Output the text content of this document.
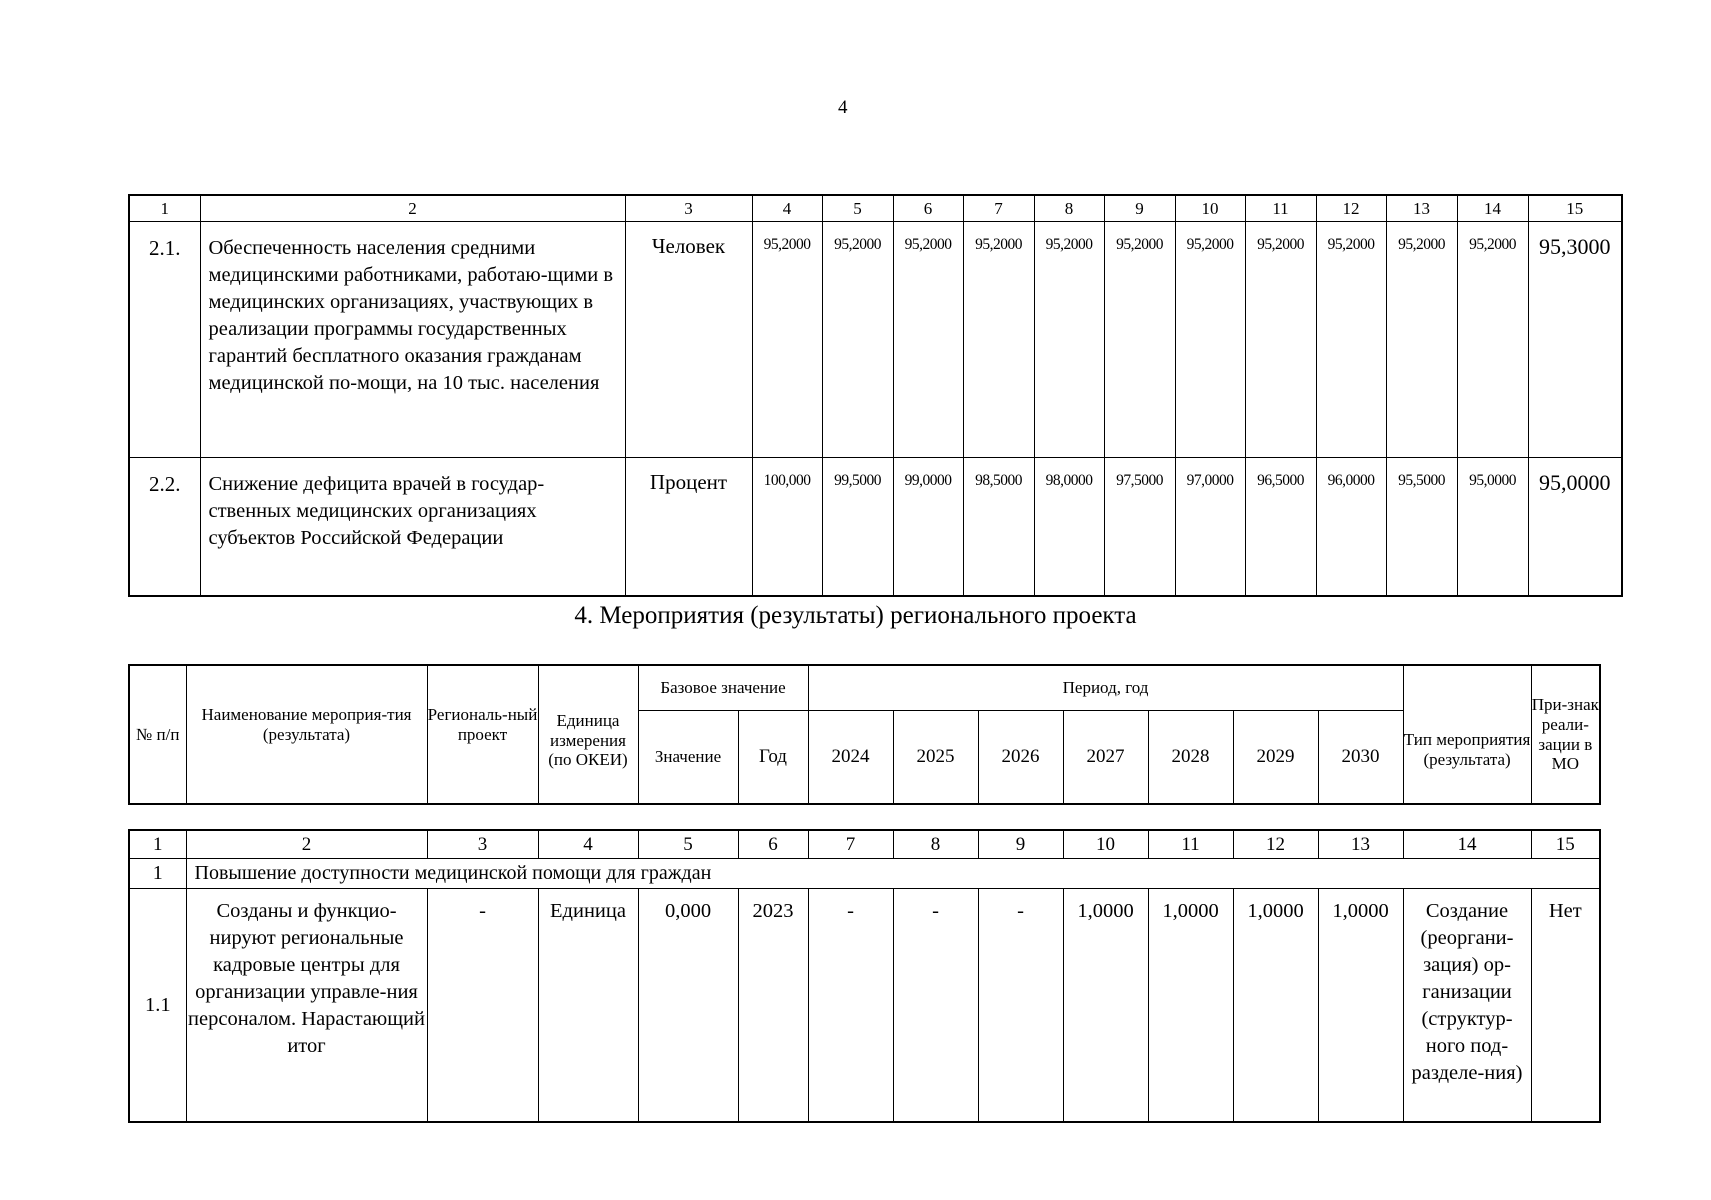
4
1	2	3	4	5	6	7	8	9	10	11	12	13	14	15
2.1.	Обеспеченность населения средними медицинскими работниками, работаю-щими в медицинских организациях, участвующих в реализации программы государственных гарантий бесплатного оказания гражданам медицинской по-мощи, на 10 тыс. населения	Человек	95,2000	95,2000	95,2000	95,2000	95,2000	95,2000	95,2000	95,2000	95,2000	95,2000	95,2000	95,3000
2.2.	Снижение дефицита врачей в государ-ственных медицинских организациях субъектов Российской Федерации	Процент	100,000	99,5000	99,0000	98,5000	98,0000	97,5000	97,0000	96,5000	96,0000	95,5000	95,0000	95,0000
4. Мероприятия (результаты) регионального проекта
№ п/п	Наименование мероприя-тия (результата)	Региональ-ный проект	Единица измерения (по ОКЕИ)	Базовое значение		Период, год							Тип мероприятия (результата)	При-знак реали-зации в МО
				Значение	Год	2024	2025	2026	2027	2028	2029	2030		
1	2	3	4	5	6	7	8	9	10	11	12	13	14	15
1	Повышение доступности медицинской помощи для граждан													
1.1	Созданы и функцио-нируют региональные кадровые центры для организации управле-ния персоналом. Нарастающий итог	-	Единица	0,000	2023	-	-	-	1,0000	1,0000	1,0000	1,0000	Создание (реоргани-зация) ор-ганизации (структур-ного под-разделе-ния)	Нет
